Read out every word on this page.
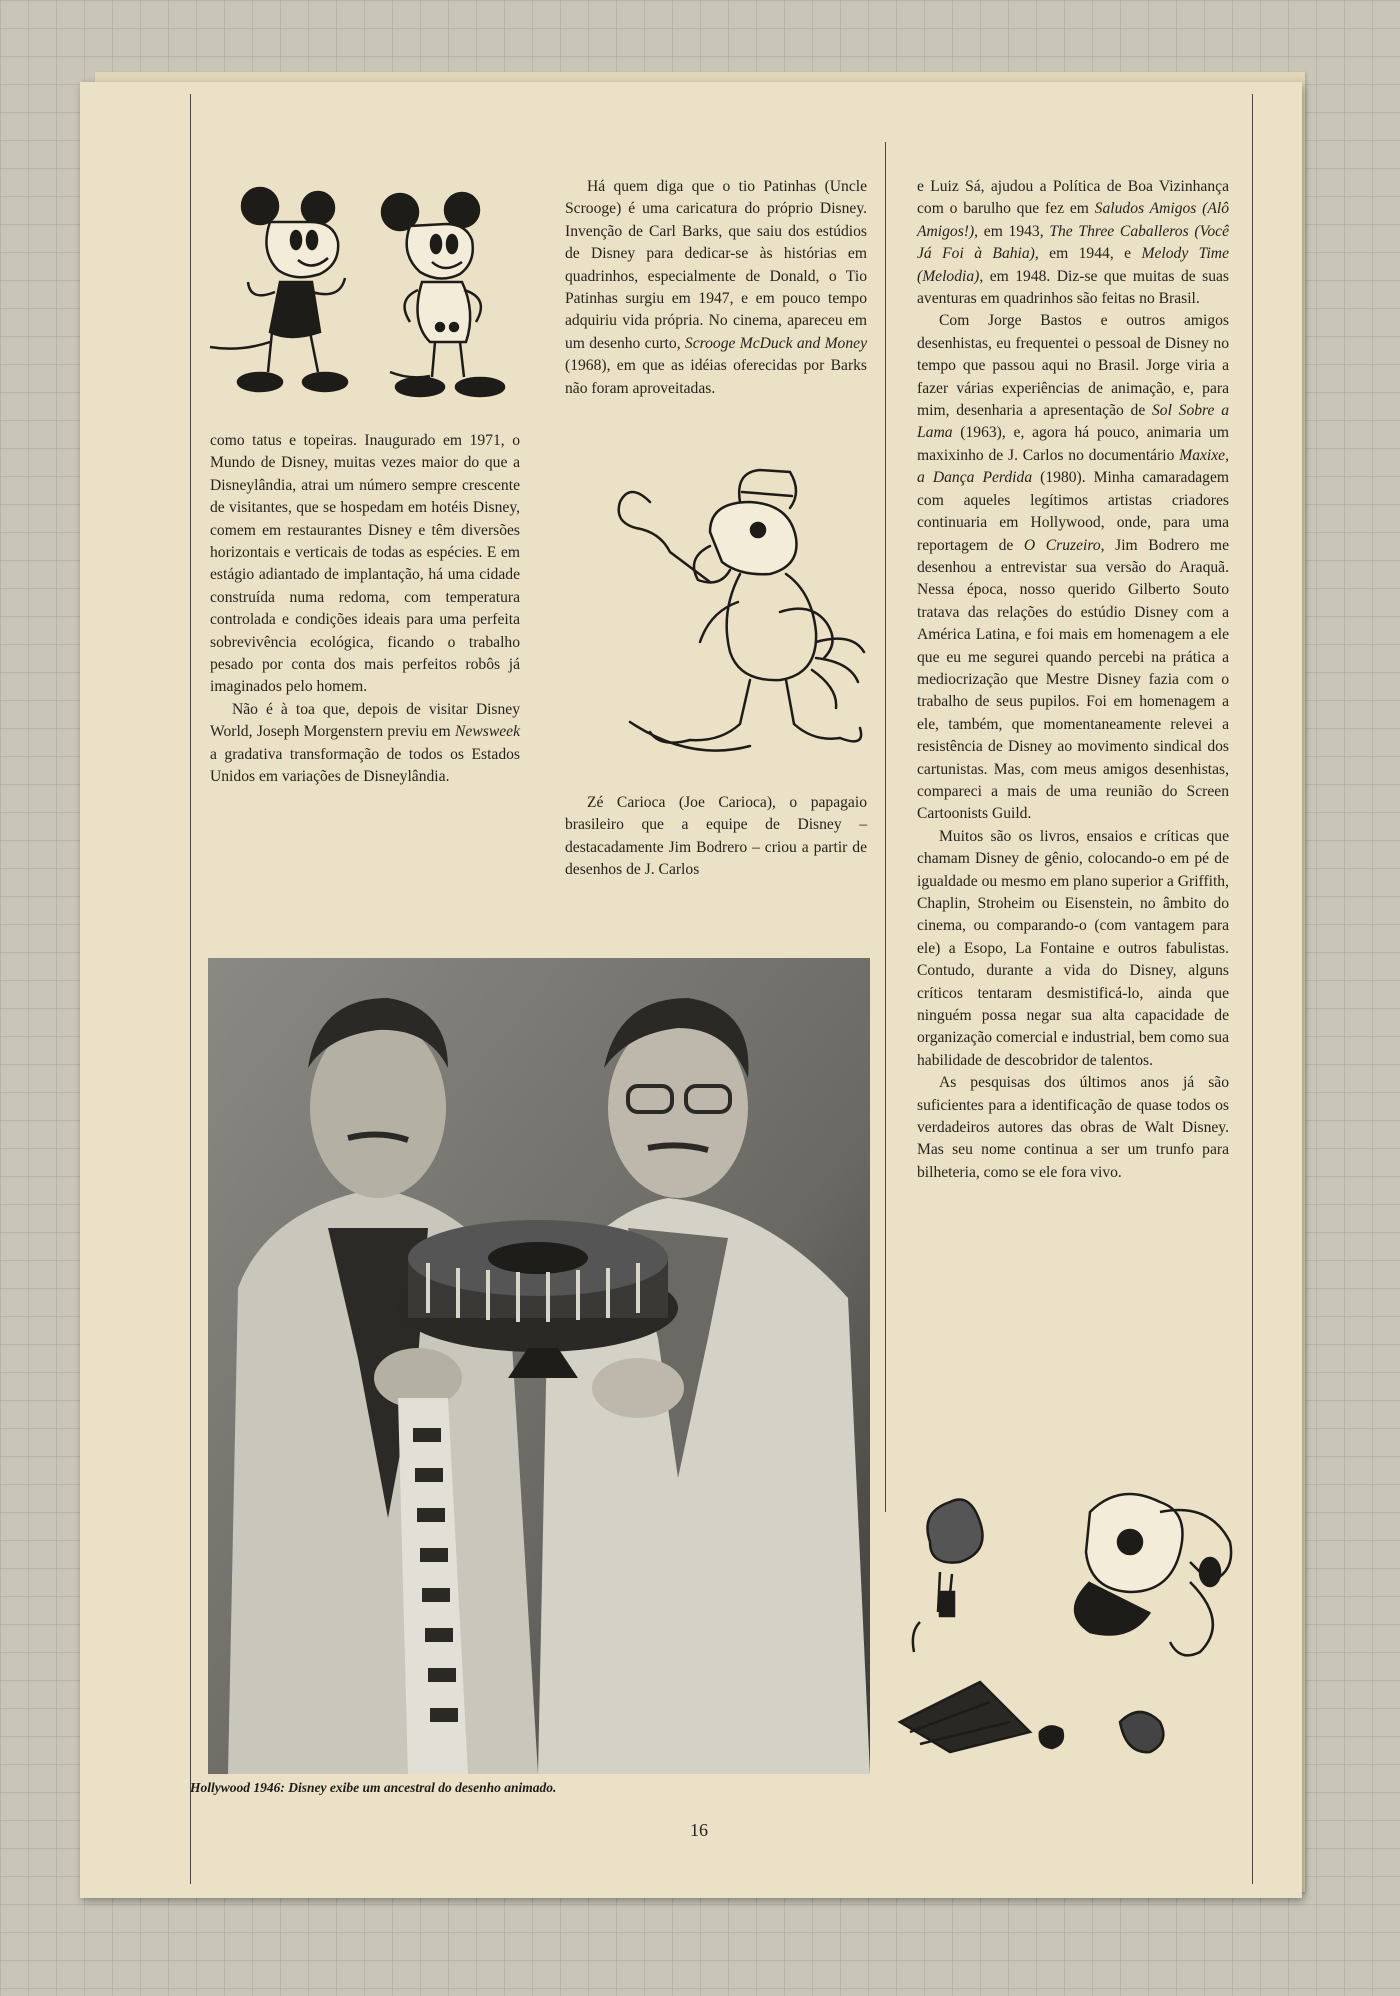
como tatus e topeiras. Inaugurado em 1971, o Mundo de Disney, muitas vezes maior do que a Disneylândia, atrai um número sempre crescente de visitantes, que se hospedam em hotéis Disney, comem em restaurantes Disney e têm diversões horizontais e verticais de todas as espécies. E em estágio adiantado de implantação, há uma cidade construída numa redoma, com temperatura controlada e condições ideais para uma perfeita sobrevivência ecológica, ficando o trabalho pesado por conta dos mais perfeitos robôs já imaginados pelo homem.

Não é à toa que, depois de visitar Disney World, Joseph Morgenstern previu em Newsweek a gradativa transformação de todos os Estados Unidos em variações de Disneylândia.

Há quem diga que o tio Patinhas (Uncle Scrooge) é uma caricatura do próprio Disney. Invenção de Carl Barks, que saiu dos estúdios de Disney para dedicar-se às histórias em quadrinhos, especialmente de Donald, o Tio Patinhas surgiu em 1947, e em pouco tempo adquiriu vida própria. No cinema, apareceu em um desenho curto, Scrooge McDuck and Money (1968), em que as idéias oferecidas por Barks não foram aproveitadas.

Zé Carioca (Joe Carioca), o papagaio brasileiro que a equipe de Disney – destacadamente Jim Bodrero – criou a partir de desenhos de J. Carlos

e Luiz Sá, ajudou a Política de Boa Vizinhança com o barulho que fez em Saludos Amigos (Alô Amigos!), em 1943, The Three Caballeros (Você Já Foi à Bahia), em 1944, e Melody Time (Melodia), em 1948. Diz-se que muitas de suas aventuras em quadrinhos são feitas no Brasil.

Com Jorge Bastos e outros amigos desenhistas, eu frequentei o pessoal de Disney no tempo que passou aqui no Brasil. Jorge viria a fazer várias experiências de animação, e, para mim, desenharia a apresentação de Sol Sobre a Lama (1963), e, agora há pouco, animaria um maxixinho de J. Carlos no documentário Maxixe, a Dança Perdida (1980). Minha camaradagem com aqueles legítimos artistas criadores continuaria em Hollywood, onde, para uma reportagem de O Cruzeiro, Jim Bodrero me desenhou a entrevistar sua versão do Araquã. Nessa época, nosso querido Gilberto Souto tratava das relações do estúdio Disney com a América Latina, e foi mais em homenagem a ele que eu me segurei quando percebi na prática a mediocrização que Mestre Disney fazia com o trabalho de seus pupilos. Foi em homenagem a ele, também, que momentaneamente relevei a resistência de Disney ao movimento sindical dos cartunistas. Mas, com meus amigos desenhistas, compareci a mais de uma reunião do Screen Cartoonists Guild.

Muitos são os livros, ensaios e críticas que chamam Disney de gênio, colocando-o em pé de igualdade ou mesmo em plano superior a Griffith, Chaplin, Stroheim ou Eisenstein, no âmbito do cinema, ou comparando-o (com vantagem para ele) a Esopo, La Fontaine e outros fabulistas. Contudo, durante a vida do Disney, alguns críticos tentaram desmistificá-lo, ainda que ninguém possa negar sua alta capacidade de organização comercial e industrial, bem como sua habilidade de descobridor de talentos.

As pesquisas dos últimos anos já são suficientes para a identificação de quase todos os verdadeiros autores das obras de Walt Disney. Mas seu nome continua a ser um trunfo para bilheteria, como se ele fora vivo.

Hollywood 1946: Disney exibe um ancestral do desenho animado.
16
